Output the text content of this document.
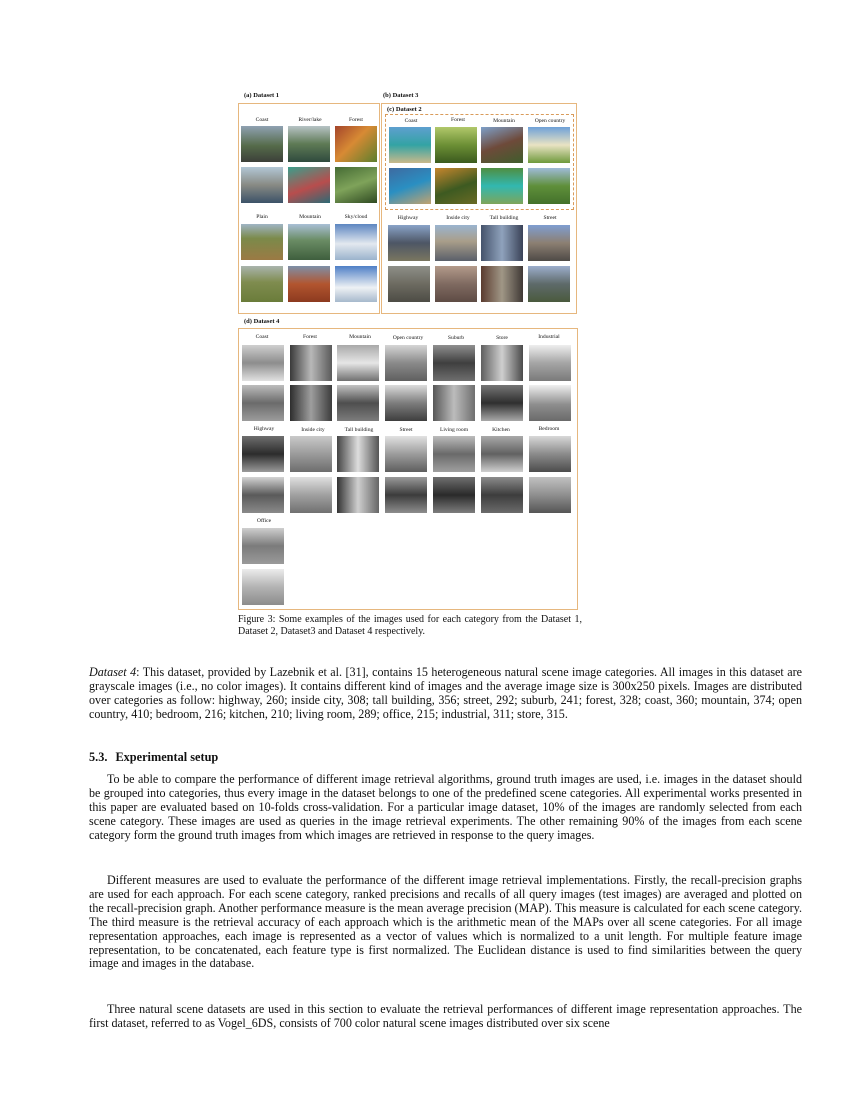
(a) Dataset 1
Coast	River/lake	Forest
Plain	Mountain	Sky/cloud
(b) Dataset 3
(c) Dataset 2
Coast	Forest	Mountain	Open country
Highway	Inside city	Tall building	Street
(d) Dataset 4
Coast	Forest	Mountain	Open country	Suburb	Store	Industrial
Highway	Inside city	Tall building	Street	Living room	Kitchen	Bedroom
Office
Figure 3: Some examples of the images used for each category from the Dataset 1, Dataset 2, Dataset3 and Dataset 4 respectively.
Dataset 4: This dataset, provided by Lazebnik et al. [31], contains 15 heterogeneous natural scene image categories. All images in this dataset are grayscale images (i.e., no color images). It contains different kind of images and the average image size is 300x250 pixels. Images are distributed over categories as follow: highway, 260; inside city, 308; tall building, 356; street, 292; suburb, 241; forest, 328; coast, 360; mountain, 374; open country, 410; bedroom, 216; kitchen, 210; living room, 289; office, 215; industrial, 311; store, 315.
5.3. Experimental setup
To be able to compare the performance of different image retrieval algorithms, ground truth images are used, i.e. images in the dataset should be grouped into categories, thus every image in the dataset belongs to one of the predefined scene categories. All experimental works presented in this paper are evaluated based on 10-folds cross-validation. For a particular image dataset, 10% of the images are randomly selected from each scene category. These images are used as queries in the image retrieval experiments. The other remaining 90% of the images from each scene category form the ground truth images from which images are retrieved in response to the query images.
Different measures are used to evaluate the performance of the different image retrieval implementations. Firstly, the recall-precision graphs are used for each approach. For each scene category, ranked precisions and recalls of all query images (test images) are averaged and plotted on the recall-precision graph. Another performance measure is the mean average precision (MAP). This measure is calculated for each scene category. The third measure is the retrieval accuracy of each approach which is the arithmetic mean of the MAPs over all scene categories. For all image representation approaches, each image is represented as a vector of values which is normalized to a unit length. For multiple feature image representation, to be concatenated, each feature type is first normalized. The Euclidean distance is used to find similarities between the query image and images in the database.
Three natural scene datasets are used in this section to evaluate the retrieval performances of different image representation approaches. The first dataset, referred to as Vogel_6DS, consists of 700 color natural scene images distributed over six scene
